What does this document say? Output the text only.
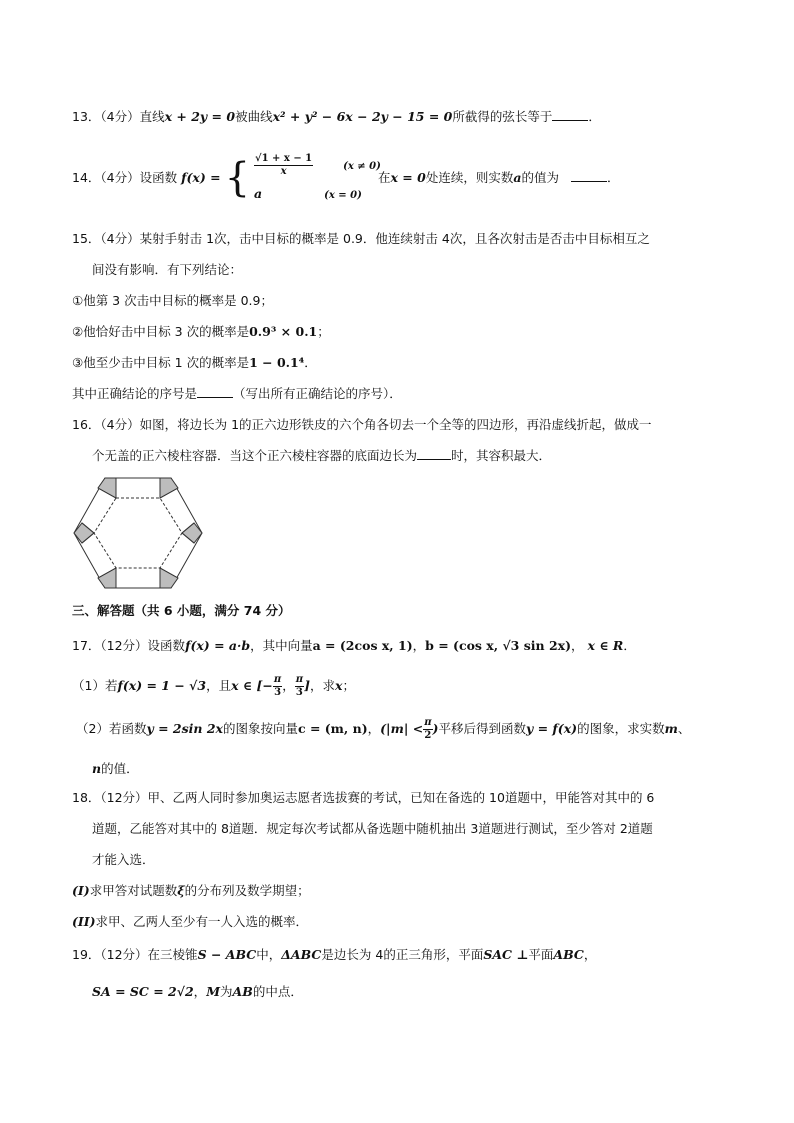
13．（4分）直线x + 2y = 0被曲线x² + y² − 6x − 2y − 15 = 0所截得的弦长等于	．
14．（4分）设函数 f(x) = { $\frac{√1 + x - 1}{x}$	(x ≠ 0)
a	(x = 0)
在x = 0处连续，则实数a的值为	．
15．（4分）某射手射击 1次，击中目标的概率是 0.9．他连续射击 4次，且各次射击是否击中目标相互之
间没有影响．有下列结论：
①他第 3 次击中目标的概率是 0.9；
②他恰好击中目标 3 次的概率是0.9³ × 0.1；
③他至少击中目标 1 次的概率是1 − 0.1⁴．
其中正确结论的序号是	（写出所有正确结论的序号）．
16．（4分）如图，将边长为 1的正六边形铁皮的六个角各切去一个全等的四边形，再沿虚线折起，做成一
个无盖的正六棱柱容器．当这个正六棱柱容器的底面边长为	时，其容积最大．
三、解答题（共 6 小题，满分 74 分）
17．（12分）设函数f(x) = a·b，其中向量a = (2cos x, 1)，b = (cos x, √3 sin 2x)， x ∈ R．
（1）若f(x) = 1 − √3，且x ∈ [− $\frac{\pi}{3}$ ， $\frac{\pi}{3}$ ]，求x；
（2）若函数y = 2sin 2x的图象按向量c = (m, n)，($|m| < \frac{\pi}{2}$ )平移后得到函数y = f(x)的图象，求实数m、
n的值．
18．（12分）甲、乙两人同时参加奥运志愿者选拔赛的考试，已知在备选的 10道题中，甲能答对其中的 6
道题，乙能答对其中的 8道题．规定每次考试都从备选题中随机抽出 3道题进行测试，至少答对 2道题
才能入选．
(I)求甲答对试题数ξ的分布列及数学期望；
(II)求甲、乙两人至少有一人入选的概率．
19．（12分）在三棱锥S − ABC中，ΔABC是边长为 4的正三角形，平面SAC ⊥平面ABC，
SA = SC = 2√2，M为AB的中点．
